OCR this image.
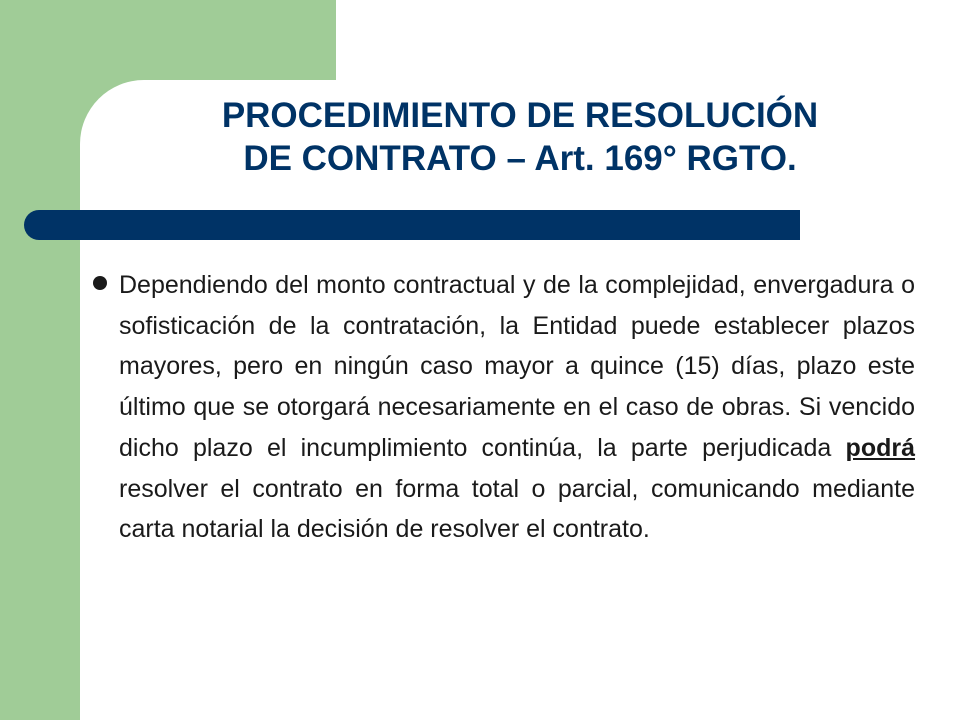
PROCEDIMIENTO DE RESOLUCIÓN
DE CONTRATO – Art. 169° RGTO.

Dependiendo del monto contractual y de la complejidad, envergadura o sofisticación de la contratación, la Entidad puede establecer plazos mayores, pero en ningún caso mayor a quince (15) días, plazo este último que se otorgará necesariamente en el caso de obras. Si vencido dicho plazo el incumplimiento continúa, la parte perjudicada podrá resolver el contrato en forma total o parcial, comunicando mediante carta notarial la decisión de resolver el contrato.
